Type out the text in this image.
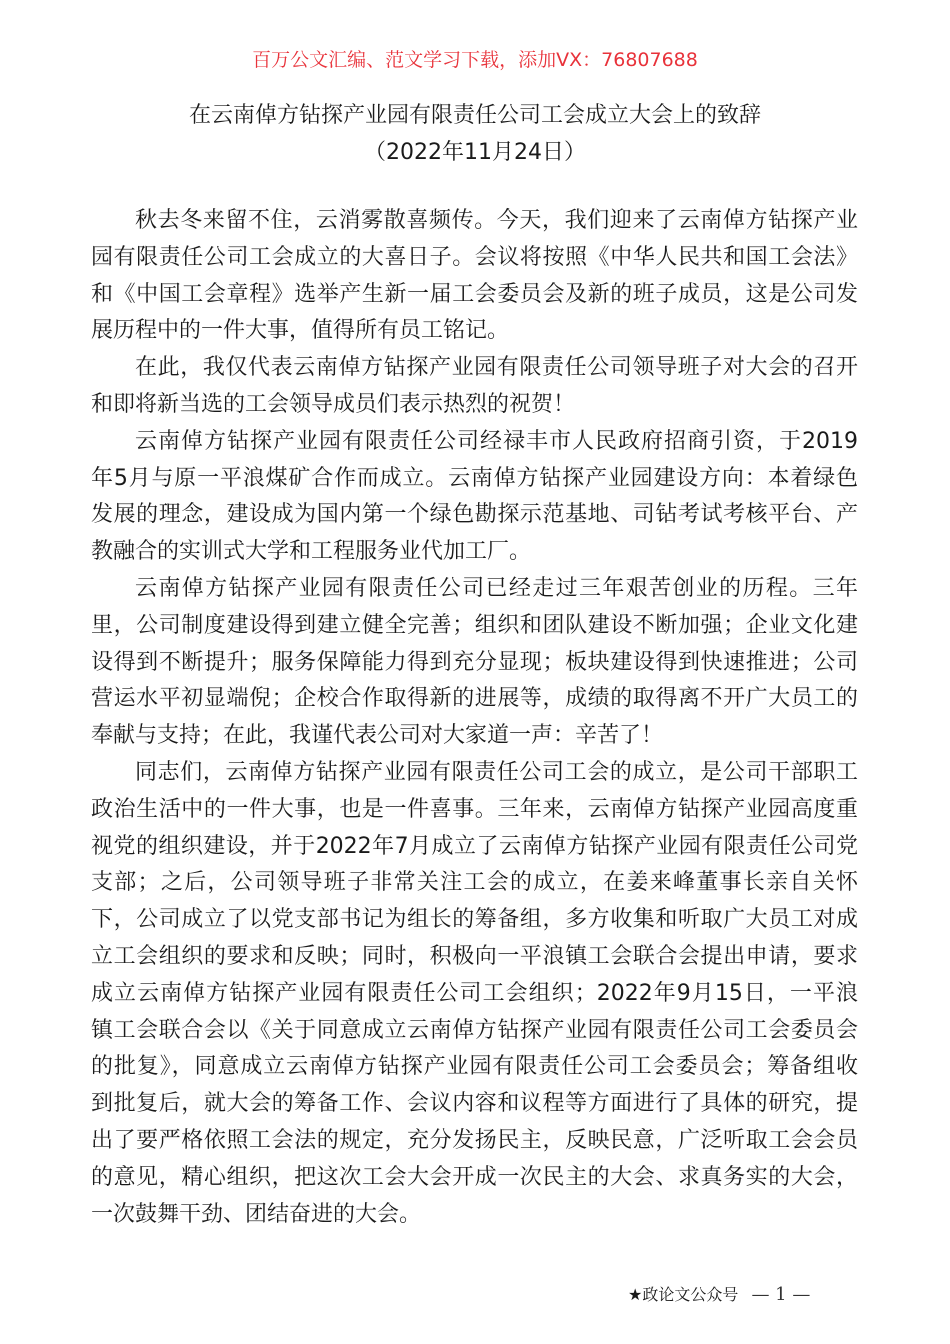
百万公文汇编、范文学习下载，添加VX：76807688
在云南倬方钻探产业园有限责任公司工会成立大会上的致辞
（2022年11月24日）
秋去冬来留不住，云消雾散喜频传。今天，我们迎来了云南倬方钻探产业
园有限责任公司工会成立的大喜日子。会议将按照《中华人民共和国工会法》
和《中国工会章程》选举产生新一届工会委员会及新的班子成员，这是公司发
展历程中的一件大事，值得所有员工铭记。
在此，我仅代表云南倬方钻探产业园有限责任公司领导班子对大会的召开
和即将新当选的工会领导成员们表示热烈的祝贺！
云南倬方钻探产业园有限责任公司经禄丰市人民政府招商引资，于2019
年5月与原一平浪煤矿合作而成立。云南倬方钻探产业园建设方向：本着绿色
发展的理念，建设成为国内第一个绿色勘探示范基地、司钻考试考核平台、产
教融合的实训式大学和工程服务业代加工厂。
云南倬方钻探产业园有限责任公司已经走过三年艰苦创业的历程。三年
里，公司制度建设得到建立健全完善；组织和团队建设不断加强；企业文化建
设得到不断提升；服务保障能力得到充分显现；板块建设得到快速推进；公司
营运水平初显端倪；企校合作取得新的进展等，成绩的取得离不开广大员工的
奉献与支持；在此，我谨代表公司对大家道一声：辛苦了！
同志们，云南倬方钻探产业园有限责任公司工会的成立，是公司干部职工
政治生活中的一件大事，也是一件喜事。三年来，云南倬方钻探产业园高度重
视党的组织建设，并于2022年7月成立了云南倬方钻探产业园有限责任公司党
支部；之后，公司领导班子非常关注工会的成立，在姜来峰董事长亲自关怀
下，公司成立了以党支部书记为组长的筹备组，多方收集和听取广大员工对成
立工会组织的要求和反映；同时，积极向一平浪镇工会联合会提出申请，要求
成立云南倬方钻探产业园有限责任公司工会组织；2022年9月15日，一平浪
镇工会联合会以《关于同意成立云南倬方钻探产业园有限责任公司工会委员会
的批复》，同意成立云南倬方钻探产业园有限责任公司工会委员会；筹备组收
到批复后，就大会的筹备工作、会议内容和议程等方面进行了具体的研究，提
出了要严格依照工会法的规定，充分发扬民主，反映民意，广泛听取工会会员
的意见，精心组织，把这次工会大会开成一次民主的大会、求真务实的大会，
一次鼓舞干劲、团结奋进的大会。
★政论文公众号 — 1 —
